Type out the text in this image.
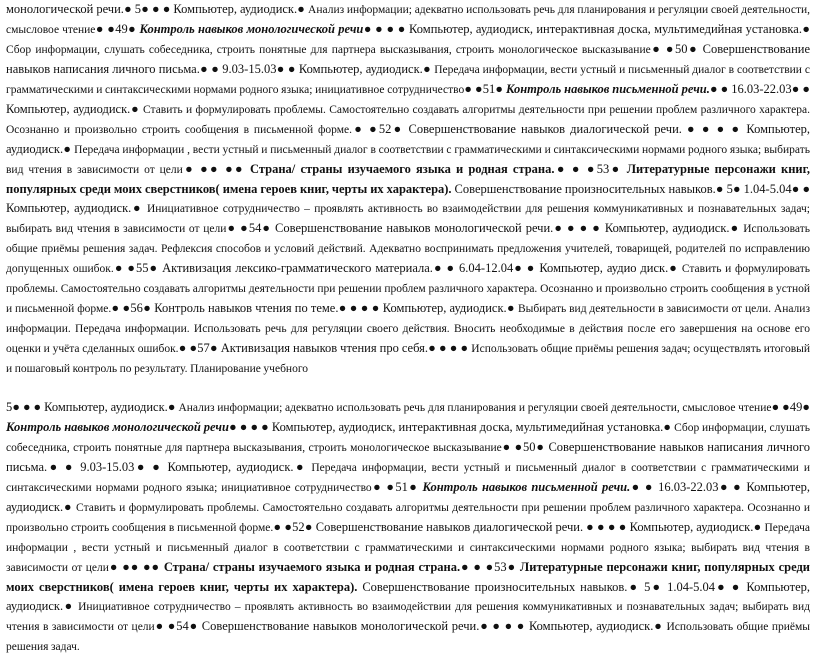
монологической речи.● 5● ● ● Компьютер, аудиодиск.● Анализ информации; адекватно использовать речь для планирования и регуляции своей деятельности, смысловое чтение● ●49● Контроль навыков монологической речи● ● ● ● Компьютер, аудиодиск, интерактивная доска, мультимедийная установка.● Сбор информации, слушать собеседника, строить понятные для партнера высказывания, строить монологическое высказывание● ●50● Совершенствование навыков написания личного письма.● ● 9.03-15.03● ● Компьютер, аудиодиск.● Передача информации, вести устный и письменный диалог в соответствии с грамматическими и синтаксическими нормами родного языка; инициативное сотрудничество● ●51● Контроль навыков письменной речи.● ● 16.03-22.03● ● Компьютер, аудиодиск.● Ставить и формулировать проблемы. Самостоятельно создавать алгоритмы деятельности при решении проблем различного характера. Осознанно и произвольно строить сообщения в письменной форме.● ●52● Совершенствование навыков диалогической речи. ● ● ● ● Компьютер, аудиодиск.● Передача информации , вести устный и письменный диалог в соответствии с грамматическими и синтаксическими нормами родного языка; выбирать вид чтения в зависимости от цели● ●● ●● Страна/ страны изучаемого языка и родная страна.● ● ●53● Литературные персонажи книг, популярных среди моих сверстников( имена героев книг, черты их характера). Совершенствование произносительных навыков.● 5● 1.04-5.04● ● Компьютер, аудиодиск.● Инициативное сотрудничество – проявлять активность во взаимодействии для решения коммуникативных и познавательных задач; выбирать вид чтения в зависимости от цели● ●54● Совершенствование навыков монологической речи.● ● ● ● Компьютер, аудиодиск.● Использовать общие приёмы решения задач. Рефлексия способов и условий действий. Адекватно воспринимать предложения учителей, товарищей, родителей по исправлению допущенных ошибок.● ●55● Активизация лексико-грамматического материала.● ● 6.04-12.04● ● Компьютер, аудио диск.● Ставить и формулировать проблемы. Самостоятельно создавать алгоритмы деятельности при решении проблем различного характера. Осознанно и произвольно строить сообщения в устной и письменной форме.● ●56● Контроль навыков чтения по теме.● ● ● ● Компьютер, аудиодиск.● Выбирать вид деятельности в зависимости от цели. Анализ информации. Передача информации. Использовать речь для регуляции своего действия. Вносить необходимые в действия после его завершения на основе его оценки и учёта сделанных ошибок.● ●57● Активизация навыков чтения про себя.● ● ● ● Использовать общие приёмы решения задач; осуществлять итоговый и пошаговый контроль по результату. Планирование учебного

5● ● ● Компьютер, аудиодиск.● Анализ информации; адекватно использовать речь для планирования и регуляции своей деятельности, смысловое чтение● ●49● Контроль навыков монологической речи● ● ● ● Компьютер, аудиодиск, интерактивная доска, мультимедийная установка.● Сбор информации, слушать собеседника, строить понятные для партнера высказывания, строить монологическое высказывание● ●50● Совершенствование навыков написания личного письма.● ● 9.03-15.03● ● Компьютер, аудиодиск.● Передача информации, вести устный и письменный диалог в соответствии с грамматическими и синтаксическими нормами родного языка; инициативное сотрудничество● ●51● Контроль навыков письменной речи.● ● 16.03-22.03● ● Компьютер, аудиодиск.● Ставить и формулировать проблемы. Самостоятельно создавать алгоритмы деятельности при решении проблем различного характера. Осознанно и произвольно строить сообщения в письменной форме.● ●52● Совершенствование навыков диалогической речи. ● ● ● ● Компьютер, аудиодиск.● Передача информации , вести устный и письменный диалог в соответствии с грамматическими и синтаксическими нормами родного языка; выбирать вид чтения в зависимости от цели● ●● ●● Страна/ страны изучаемого языка и родная страна.● ● ●53● Литературные персонажи книг, популярных среди моих сверстников( имена героев книг, черты их характера). Совершенствование произносительных навыков.● 5● 1.04-5.04● ● Компьютер, аудиодиск.● Инициативное сотрудничество – проявлять активность во взаимодействии для решения коммуникативных и познавательных задач; выбирать вид чтения в зависимости от цели● ●54● Совершенствование навыков монологической речи.● ● ● ● Компьютер, аудиодиск.● Использовать общие приёмы решения задач.
